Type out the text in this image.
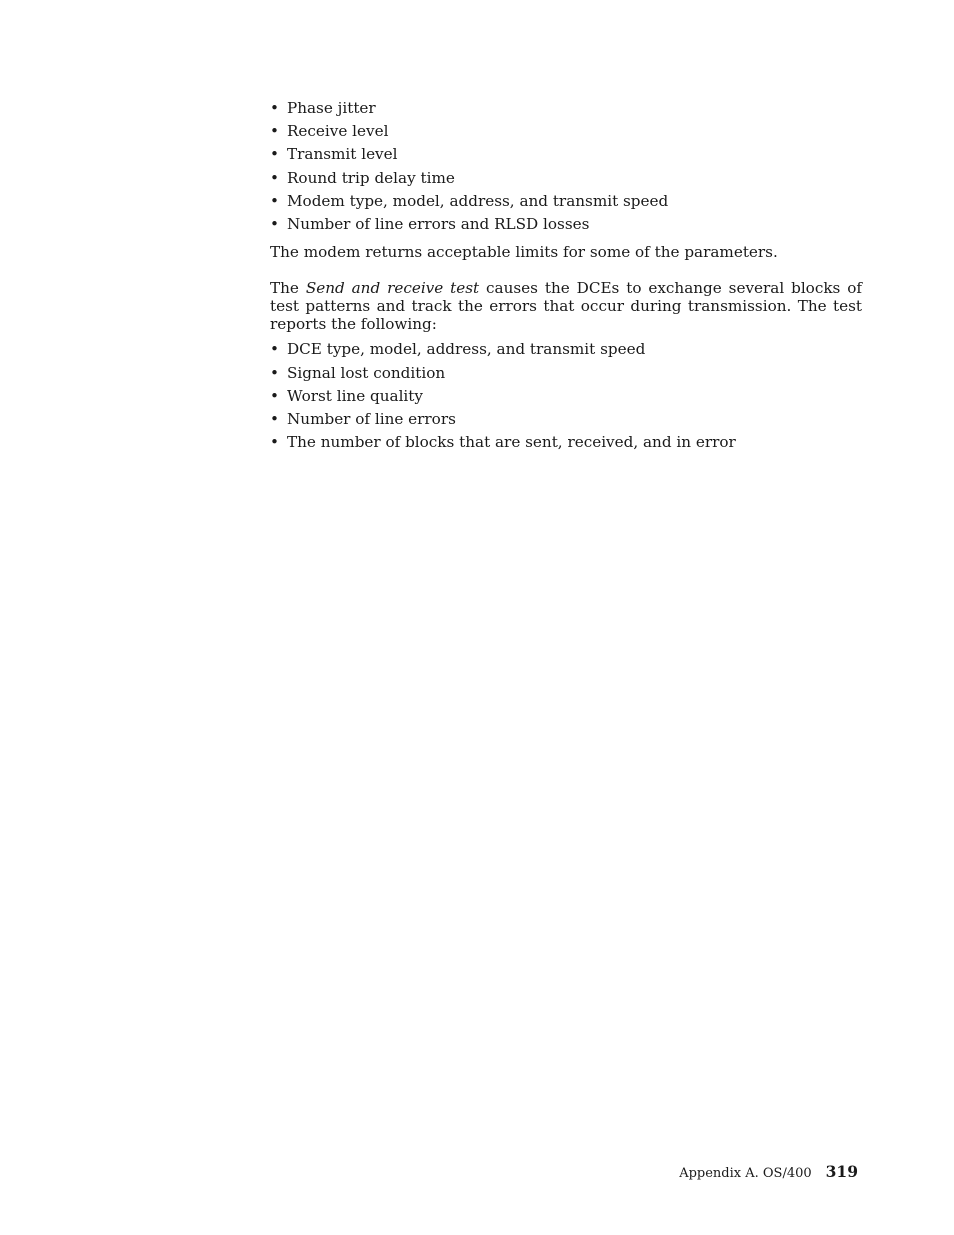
• Phase jitter
• Receive level
• Transmit level
• Round trip delay time
• Modem type, model, address, and transmit speed
• Number of line errors and RLSD losses

The modem returns acceptable limits for some of the parameters.

The Send and receive test causes the DCEs to exchange several blocks of test patterns and track the errors that occur during transmission. The test reports the following:

• DCE type, model, address, and transmit speed
• Signal lost condition
• Worst line quality
• Number of line errors
• The number of blocks that are sent, received, and in error
Appendix A. OS/400 319
